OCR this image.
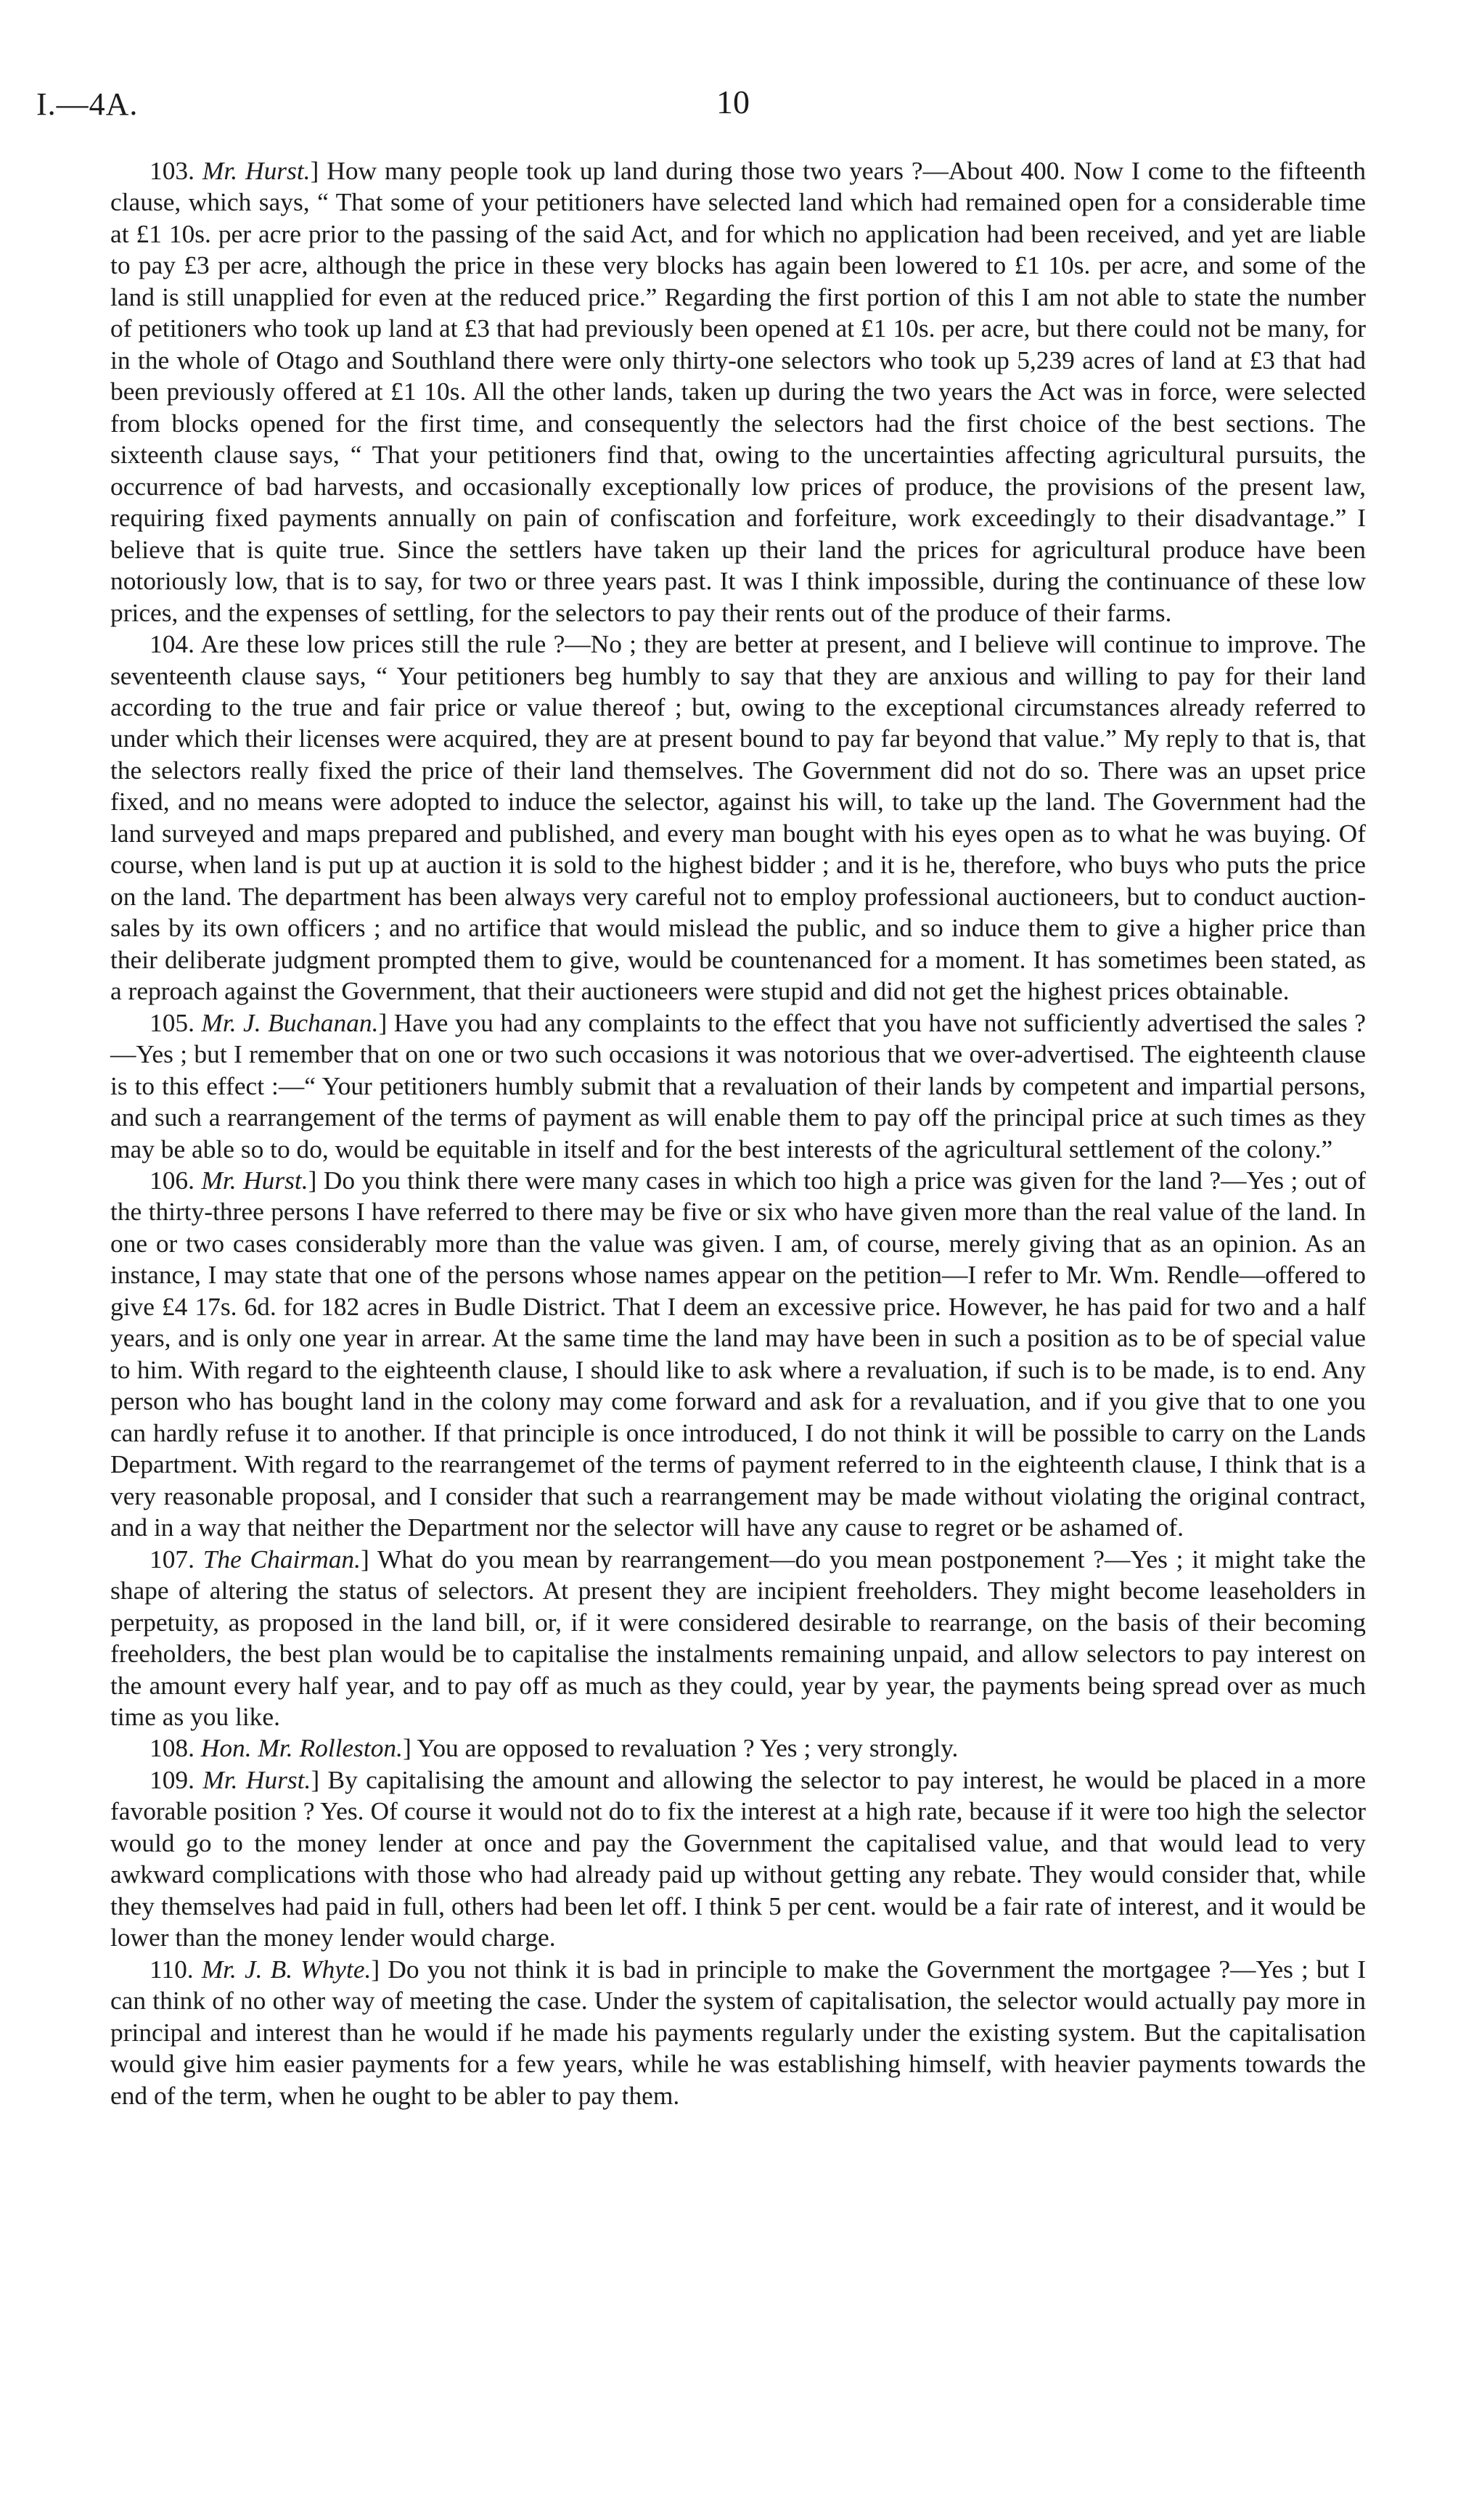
I.—4A.	10

103. Mr. Hurst.] How many people took up land during those two years ?—About 400. Now I come to the fifteenth clause, which says, “ That some of your petitioners have selected land which had remained open for a considerable time at £1 10s. per acre prior to the passing of the said Act, and for which no application had been received, and yet are liable to pay £3 per acre, although the price in these very blocks has again been lowered to £1 10s. per acre, and some of the land is still unapplied for even at the reduced price.” Regarding the first portion of this I am not able to state the number of petitioners who took up land at £3 that had previously been opened at £1 10s. per acre, but there could not be many, for in the whole of Otago and Southland there were only thirty-one selectors who took up 5,239 acres of land at £3 that had been previously offered at £1 10s. All the other lands, taken up during the two years the Act was in force, were selected from blocks opened for the first time, and consequently the selectors had the first choice of the best sections. The sixteenth clause says, “ That your petitioners find that, owing to the uncertainties affecting agricultural pursuits, the occurrence of bad harvests, and occasionally exceptionally low prices of produce, the provisions of the present law, requiring fixed payments annually on pain of confiscation and forfeiture, work exceedingly to their disadvantage.” I believe that is quite true. Since the settlers have taken up their land the prices for agricultural produce have been notoriously low, that is to say, for two or three years past. It was I think impossible, during the continuance of these low prices, and the expenses of settling, for the selectors to pay their rents out of the produce of their farms.

104. Are these low prices still the rule ?—No ; they are better at present, and I believe will continue to improve. The seventeenth clause says, “ Your petitioners beg humbly to say that they are anxious and willing to pay for their land according to the true and fair price or value thereof ; but, owing to the exceptional circumstances already referred to under which their licenses were acquired, they are at present bound to pay far beyond that value.” My reply to that is, that the selectors really fixed the price of their land themselves. The Government did not do so. There was an upset price fixed, and no means were adopted to induce the selector, against his will, to take up the land. The Government had the land surveyed and maps prepared and published, and every man bought with his eyes open as to what he was buying. Of course, when land is put up at auction it is sold to the highest bidder ; and it is he, therefore, who buys who puts the price on the land. The department has been always very careful not to employ professional auctioneers, but to conduct auction-sales by its own officers ; and no artifice that would mislead the public, and so induce them to give a higher price than their deliberate judgment prompted them to give, would be countenanced for a moment. It has sometimes been stated, as a reproach against the Government, that their auctioneers were stupid and did not get the highest prices obtainable.

105. Mr. J. Buchanan.] Have you had any complaints to the effect that you have not sufficiently advertised the sales ?—Yes ; but I remember that on one or two such occasions it was notorious that we over-advertised. The eighteenth clause is to this effect :—“ Your petitioners humbly submit that a revaluation of their lands by competent and impartial persons, and such a rearrangement of the terms of payment as will enable them to pay off the principal price at such times as they may be able so to do, would be equitable in itself and for the best interests of the agricultural settlement of the colony.”

106. Mr. Hurst.] Do you think there were many cases in which too high a price was given for the land ?—Yes ; out of the thirty-three persons I have referred to there may be five or six who have given more than the real value of the land. In one or two cases considerably more than the value was given. I am, of course, merely giving that as an opinion. As an instance, I may state that one of the persons whose names appear on the petition—I refer to Mr. Wm. Rendle—offered to give £4 17s. 6d. for 182 acres in Budle District. That I deem an excessive price. However, he has paid for two and a half years, and is only one year in arrear. At the same time the land may have been in such a position as to be of special value to him. With regard to the eighteenth clause, I should like to ask where a revaluation, if such is to be made, is to end. Any person who has bought land in the colony may come forward and ask for a revaluation, and if you give that to one you can hardly refuse it to another. If that principle is once introduced, I do not think it will be possible to carry on the Lands Department. With regard to the rearrangemet of the terms of payment referred to in the eighteenth clause, I think that is a very reasonable proposal, and I consider that such a rearrangement may be made without violating the original contract, and in a way that neither the Department nor the selector will have any cause to regret or be ashamed of.

107. The Chairman.] What do you mean by rearrangement—do you mean postponement ?—Yes ; it might take the shape of altering the status of selectors. At present they are incipient freeholders. They might become leaseholders in perpetuity, as proposed in the land bill, or, if it were considered desirable to rearrange, on the basis of their becoming freeholders, the best plan would be to capitalise the instalments remaining unpaid, and allow selectors to pay interest on the amount every half year, and to pay off as much as they could, year by year, the payments being spread over as much time as you like.

108. Hon. Mr. Rolleston.] You are opposed to revaluation ? Yes ; very strongly.

109. Mr. Hurst.] By capitalising the amount and allowing the selector to pay interest, he would be placed in a more favorable position ? Yes. Of course it would not do to fix the interest at a high rate, because if it were too high the selector would go to the money lender at once and pay the Government the capitalised value, and that would lead to very awkward complications with those who had already paid up without getting any rebate. They would consider that, while they themselves had paid in full, others had been let off. I think 5 per cent. would be a fair rate of interest, and it would be lower than the money lender would charge.

110. Mr. J. B. Whyte.] Do you not think it is bad in principle to make the Government the mortgagee ?—Yes ; but I can think of no other way of meeting the case. Under the system of capitalisation, the selector would actually pay more in principal and interest than he would if he made his payments regularly under the existing system. But the capitalisation would give him easier payments for a few years, while he was establishing himself, with heavier payments towards the end of the term, when he ought to be abler to pay them.
